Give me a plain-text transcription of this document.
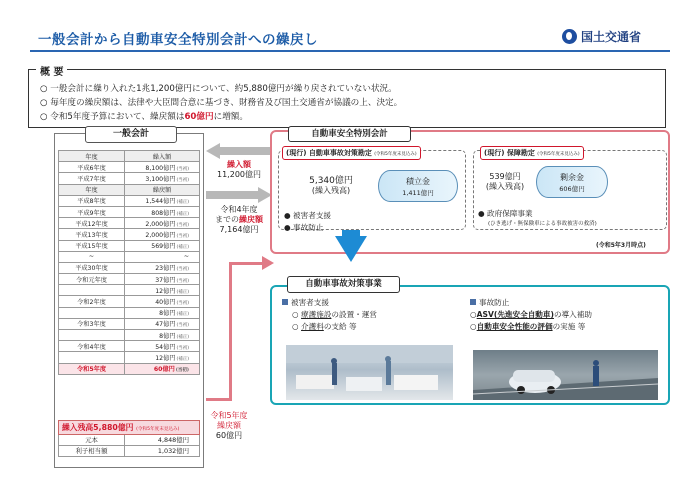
一般会計から自動車安全特別会計への繰戻し	国土交通省
概 要
○ 一般会計に繰り入れた1兆1,200億円について、約5,880億円が繰り戻されていない状況。
○ 毎年度の繰戻額は、法律や大臣間合意に基づき、財務省及び国土交通省が協議の上、決定。
○ 令和5年度予算において、繰戻額は60億円に増額。
一般会計
年度	繰入額
平成6年度	8,100億円(当初)
平成7年度	3,100億円(当初)
年度	繰戻額
平成8年度	1,544億円(補正)
平成9年度	808億円(補正)
平成12年度	2,000億円(当初)
平成13年度	2,000億円(当初)
平成15年度	569億円(補正)
~	~
平成30年度	23億円(当初)
令和元年度	37億円(当初)
	12億円(補正)
令和2年度	40億円(当初)
	8億円(補正)
令和3年度	47億円(当初)
	8億円(補正)
令和4年度	54億円(当初)
	12億円(補正)
令和5年度	60億円(当初)
繰入残高5,880億円 (令和5年度末見込み)
元本	4,848億円
利子相当額	1,032億円
繰入額
11,200億円
令和4年度
までの繰戻額
7,164億円
令和5年度
繰戻額
60億円
自動車安全特別会計
(現行) 自動車事故対策勘定 (令和5年度末見込み)
5,340億円
(繰入残高)
積立金
1,411億円
● 被害者支援
● 事故防止
(現行) 保障勘定 (令和5年度末見込み)
539億円
(繰入残高)
剰余金
606億円
● 政府保障事業
(ひき逃げ・無保険車による事故被害の救済)
(令和5年3月時点)
自動車事故対策事業
被害者支援
○ 療護施設の設置・運営
○ 介護料の支給 等
事故防止
○ASV(先進安全自動車)の導入補助
○自動車安全性能の評価の実施 等
